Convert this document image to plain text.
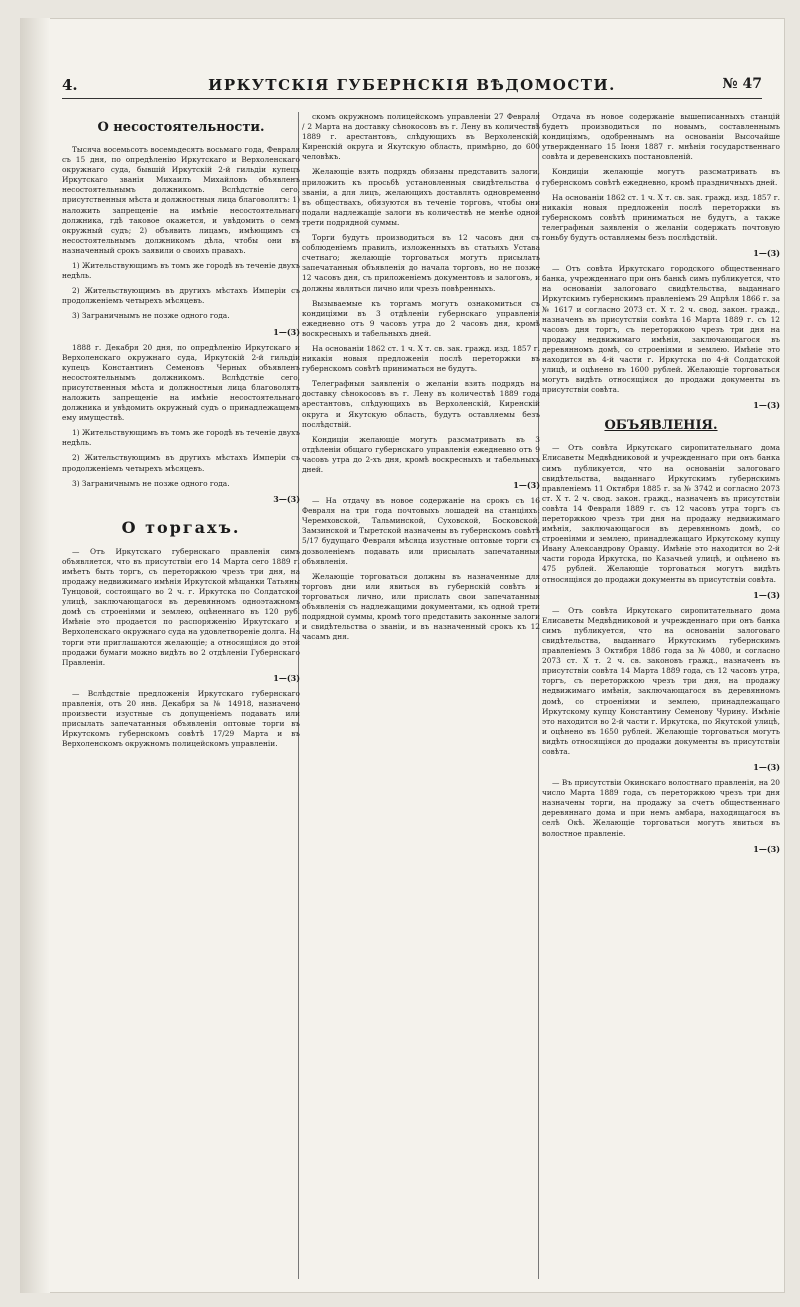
4.	ИРКУТСКІЯ ГУБЕРНСКІЯ ВѢДОМОСТИ.	№ 47
О несостоятельности.

Тысяча восемьсотъ восемьдесятъ восьмаго года, Февраля съ 15 дня, по опредѣленію Иркутскаго и Верхоленскаго окружнаго суда, бывшій Иркутскій 2-й гильдіи купецъ Иркутскаго званія Михаилъ Михайловъ объявленъ несостоятельнымъ должникомъ. Вслѣдствіе сего, присутственныя мѣста и должностныя лица благоволятъ: 1) наложить запрещеніе на имѣніе несостоятельнаго должника, гдѣ таковое окажется, и увѣдомить о семъ окружный судъ; 2) объявить лицамъ, имѣющимъ съ несостоятельнымъ должникомъ дѣла, чтобы они въ назначенный срокъ заявили о своихъ правахъ.

1) Жительствующимъ въ томъ же городѣ въ теченіе двухъ недѣль.

2) Жительствующимъ въ другихъ мѣстахъ Имперіи съ продолженіемъ четырехъ мѣсяцевъ.

3) Заграничнымъ не позже одного года.

1—(3)

1888 г. Декабря 20 дня, по опредѣленію Иркутскаго и Верхоленскаго окружнаго суда, Иркутскій 2-й гильдіи купецъ Константинъ Семеновъ Черных объявленъ несостоятельнымъ должникомъ. Вслѣдствіе сего, присутственныя мѣста и должностныя лица благоволятъ наложить запрещеніе на имѣніе несостоятельнаго должника и увѣдомить окружный судъ о принадлежащемъ ему имуществѣ.

1) Жительствующимъ въ томъ же городѣ въ теченіе двухъ недѣль.

2) Жительствующимъ въ другихъ мѣстахъ Имперіи съ продолженіемъ четырехъ мѣсяцевъ.

3) Заграничнымъ не позже одного года.

3—(3)
О торгахъ.

— Отъ Иркутскаго губернскаго правленія симъ объявляется, что въ присутствіи его 14 Марта сего 1889 г. имѣетъ быть торгъ, съ переторжкою чрезъ три дня, на продажу недвижимаго имѣнія Иркутской мѣщанки Татьяны Тунцовой, состоящаго во 2 ч. г. Иркутска по Солдатской улицѣ, заключающагося въ деревянномъ одноэтажномъ домѣ съ строеніями и землею, оцѣненнаго въ 120 руб. Имѣніе это продается по распоряженію Иркутскаго и Верхоленскаго окружнаго суда на удовлетвореніе долга. На торги эти приглашаются желающіе; а относящіяся до этой продажи бумаги можно видѣть во 2 отдѣленіи Губернскаго Правленія.

1—(3)

— Вслѣдствіе предложенія Иркутскаго губернскаго правленія, отъ 20 янв. Декабря за № 14918, назначено произвести изустные съ допущеніемъ подавать или присылать запечатанныя объявленія оптовые торги въ Иркутскомъ губернскомъ совѣтѣ 17/29 Марта и въ Верхоленскомъ окружномъ полицейскомъ управленіи.

скомъ окружномъ полицейскомъ управленіи 27 Февраля / 2 Марта на доставку сѣнокосовъ въ г. Лену въ количествѣ 1889 г. арестантовъ, слѣдующихъ въ Верхоленскій, Киренскій округа и Якутскую область, примѣрно, до 600 человѣкъ.

Желающіе взять подрядъ обязаны представить залоги, приложить къ просьбѣ установленныя свидѣтельства о званіи, а для лицъ, желающихъ доставлять одновременно въ обществахъ, обязуются въ теченіе торговъ, чтобы они подали надлежащіе залоги въ количествѣ не менѣе одной трети подрядной суммы.

Торги будутъ производиться въ 12 часовъ дня съ соблюденіемъ правилъ, изложенныхъ въ статьяхъ Устава счетнаго; желающіе торговаться могутъ присылать запечатанныя объявленія до начала торговъ, но не позже 12 часовъ дня, съ приложеніемъ документовъ и залоговъ, и должны являться лично или чрезъ повѣренныхъ.

Вызываемые къ торгамъ могутъ ознакомиться съ кондиціями въ 3 отдѣленіи губернскаго управленія ежедневно отъ 9 часовъ утра до 2 часовъ дня, кромѣ воскресныхъ и табельныхъ дней.

На основаніи 1862 ст. 1 ч. X т. св. зак. гражд. изд. 1857 г. никакія новыя предложенія послѣ переторжки въ губернскомъ совѣтѣ приниматься не будутъ.

Телеграфныя заявленія о желаніи взять подрядъ на доставку сѣнокосовъ въ г. Лену въ количествѣ 1889 года арестантовъ, слѣдующихъ въ Верхоленскій, Киренскій округа и Якутскую область, будутъ оставляемы безъ послѣдствій.

Кондиціи желающіе могутъ разсматривать въ 3 отдѣленіи общаго губернскаго управленія ежедневно отъ 9 часовъ утра до 2-хъ дня, кромѣ воскресныхъ и табельныхъ дней.

1—(3)

— На отдачу въ новое содержаніе на срокъ съ 16 Февраля на три года почтовыхъ лошадей на станціяхъ: Черемховской, Тальминской, Суховской, Босковской, Замзинской и Тыретской назначены въ губернскомъ совѣтѣ 5/17 будущаго Февраля мѣсяца изустные оптовые торги съ дозволеніемъ подавать или присылать запечатанныя объявленія.

Желающіе торговаться должны въ назначенные для торговъ дни или явиться въ губернскій совѣтъ и торговаться лично, или прислать свои запечатанныя объявленія съ надлежащими документами, къ одной трети подрядной суммы, кромѣ того представить законные залоги и свидѣтельства о званіи, и въ назначенный срокъ къ 12 часамъ дня.

Отдача въ новое содержаніе вышеписанныхъ станцій будетъ производиться по новымъ, составленнымъ кондиціямъ, одобреннымъ на основаніи Высочайше утвержденнаго 15 Іюня 1887 г. мнѣнія государственнаго совѣта и деревенскихъ постановленій.

Кондиціи желающіе могутъ разсматривать въ губернскомъ совѣтѣ ежедневно, кромѣ праздничныхъ дней.

На основаніи 1862 ст. 1 ч. X т. св. зак. гражд. изд. 1857 г. никакія новыя предложенія послѣ переторжки въ губернскомъ совѣтѣ приниматься не будутъ, а также телеграфныя заявленія о желаніи содержать почтовую гоньбу будутъ оставляемы безъ послѣдствій.

1—(3)

— Отъ совѣта Иркутскаго городского общественнаго банка, учрежденнаго при онъ банкѣ симъ публикуется, что на основаніи залоговаго свидѣтельства, выданнаго Иркутскимъ губернскимъ правленіемъ 29 Апрѣля 1866 г. за № 1617 и согласно 2073 ст. X т. 2 ч. свод. закон. гражд., назначенъ въ присутствіи совѣта 16 Марта 1889 г. съ 12 часовъ дня торгъ, съ переторжкою чрезъ три дня на продажу недвижимаго имѣнія, заключающагося въ деревянномъ домѣ, со строеніями и землею. Имѣніе это находится въ 4-й части г. Иркутска по 4-й Солдатской улицѣ, и оцѣнено въ 1600 рублей. Желающіе торговаться могутъ видѣть относящіяся до продажи документы въ присутствіи совѣта.

1—(3)
ОБЪЯВЛЕНІЯ.

— Отъ совѣта Иркутскаго сиропитательнаго дома Елисаветы Медвѣдниковой и учрежденнаго при онъ банка симъ публикуется, что на основаніи залоговаго свидѣтельства, выданнаго Иркутскимъ губернскимъ правленіемъ 11 Октября 1885 г. за № 3742 и согласно 2073 ст. X т. 2 ч. свод. закон. гражд., назначенъ въ присутствіи совѣта 14 Февраля 1889 г. съ 12 часовъ утра торгъ съ переторжкою чрезъ три дня на продажу недвижимаго имѣнія, заключающагося въ деревянномъ домѣ, со строеніями и землею, принадлежащаго Иркутскому купцу Ивану Александрову Оравцу. Имѣніе это находится во 2-й части города Иркутска, по Казачьей улицѣ, и оцѣнено въ 475 рублей. Желающіе торговаться могутъ видѣть относящіяся до продажи документы въ присутствіи совѣта.

1—(3)

— Отъ совѣта Иркутскаго сиропитательнаго дома Елисаветы Медвѣдниковой и учрежденнаго при онъ банка симъ публикуется, что на основаніи залоговаго свидѣтельства, выданнаго Иркутскимъ губернскимъ правленіемъ 3 Октября 1886 года за № 4080, и согласно 2073 ст. X т. 2 ч. св. законовъ гражд., назначенъ въ присутствіи совѣта 14 Марта 1889 года, съ 12 часовъ утра, торгъ, съ переторжкою чрезъ три дня, на продажу недвижимаго имѣнія, заключающагося въ деревянномъ домѣ, со строеніями и землею, принадлежащаго Иркутскому купцу Константину Семенову Чурину. Имѣніе это находится во 2-й части г. Иркутска, по Якутской улицѣ, и оцѣнено въ 1650 рублей. Желающіе торговаться могутъ видѣть относящіяся до продажи документы въ присутствіи совѣта.

1—(3)

— Въ присутствіи Окинскаго волостнаго правленія, на 20 число Марта 1889 года, съ переторжкою чрезъ три дня назначены торги, на продажу за счетъ общественнаго деревяннаго дома и при немъ амбара, находящагося въ селѣ Окѣ. Желающіе торговаться могутъ явиться въ волостное правленіе.

1—(3)
